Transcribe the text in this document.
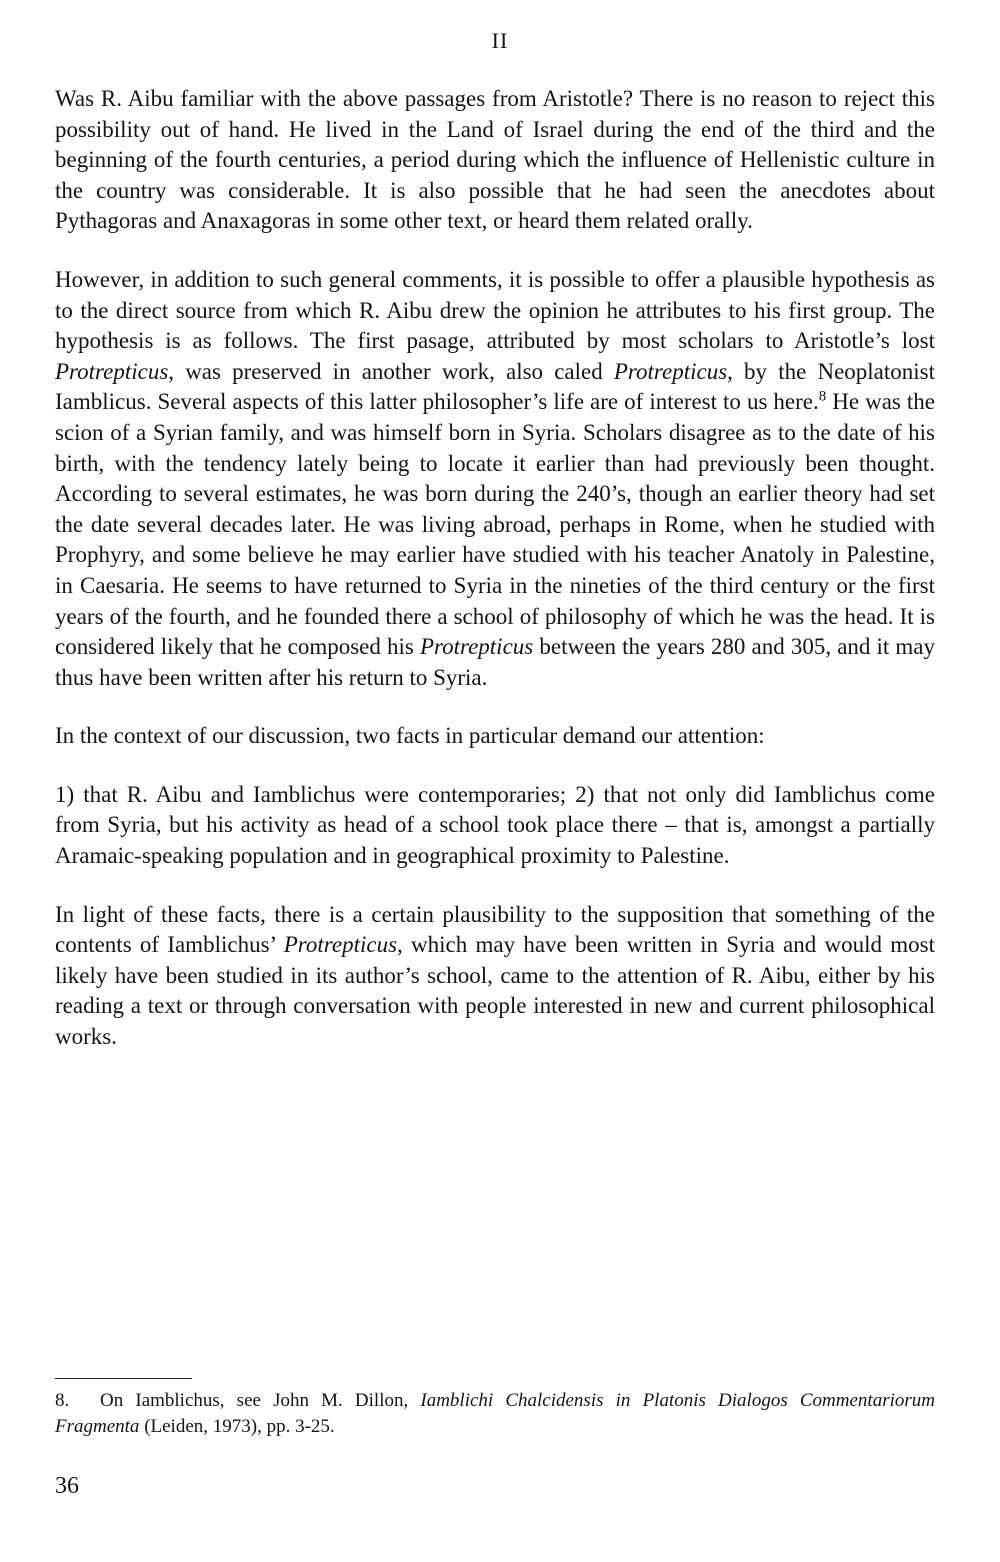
II

Was R. Aibu familiar with the above passages from Aristotle? There is no reason to reject this possibility out of hand. He lived in the Land of Israel during the end of the third and the beginning of the fourth centuries, a period during which the influence of Hellenistic culture in the country was considerable. It is also possible that he had seen the anecdotes about Pythagoras and Anaxagoras in some other text, or heard them related orally.

However, in addition to such general comments, it is possible to offer a plausible hypothesis as to the direct source from which R. Aibu drew the opinion he attributes to his first group. The hypothesis is as follows. The first pasage, attributed by most scholars to Aristotle’s lost Protrepticus, was preserved in another work, also caled Protrepticus, by the Neoplatonist Iamblicus. Several aspects of this latter philosopher’s life are of interest to us here.$^8$ He was the scion of a Syrian family, and was himself born in Syria. Scholars disagree as to the date of his birth, with the tendency lately being to locate it earlier than had previously been thought. According to several estimates, he was born during the 240’s, though an earlier theory had set the date several decades later. He was living abroad, perhaps in Rome, when he studied with Prophyry, and some believe he may earlier have studied with his teacher Anatoly in Palestine, in Caesaria. He seems to have returned to Syria in the nineties of the third century or the first years of the fourth, and he founded there a school of philosophy of which he was the head. It is considered likely that he composed his Protrepticus between the years 280 and 305, and it may thus have been written after his return to Syria.

In the context of our discussion, two facts in particular demand our attention:

1) that R. Aibu and Iamblichus were contemporaries; 2) that not only did Iamblichus come from Syria, but his activity as head of a school took place there – that is, amongst a partially Aramaic-speaking population and in geographical proximity to Palestine.

In light of these facts, there is a certain plausibility to the supposition that something of the contents of Iamblichus’ Protrepticus, which may have been written in Syria and would most likely have been studied in its author’s school, came to the attention of R. Aibu, either by his reading a text or through conversation with people interested in new and current philosophical works.

8. On Iamblichus, see John M. Dillon, Iamblichi Chalcidensis in Platonis Dialogos Commentariorum Fragmenta (Leiden, 1973), pp. 3-25.
36
